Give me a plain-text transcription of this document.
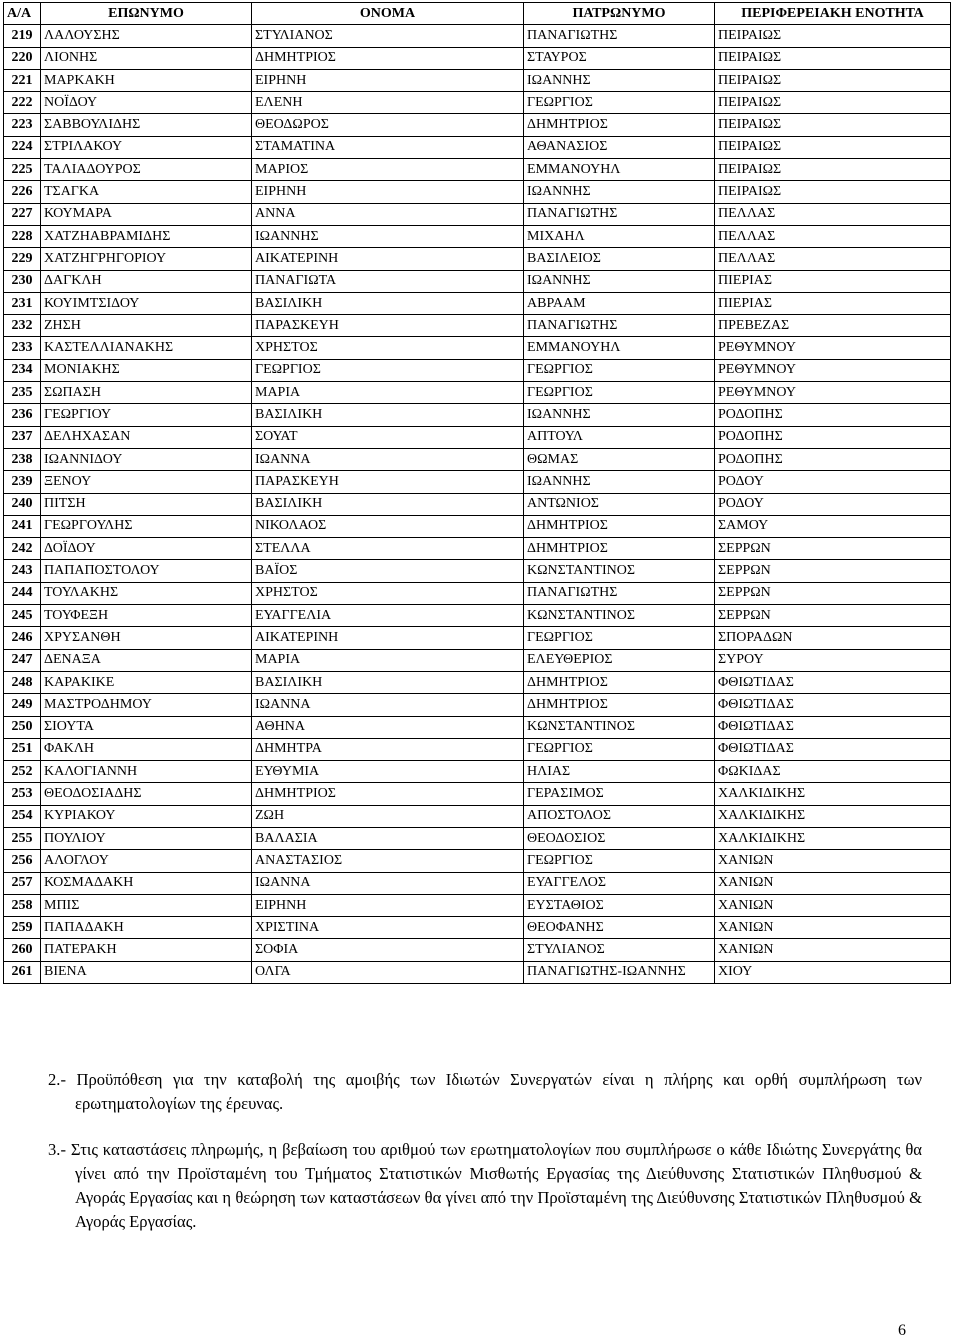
Α/Α	ΕΠΩΝΥΜΟ	ΟΝΟΜΑ	ΠΑΤΡΩΝΥΜΟ	ΠΕΡΙΦΕΡΕΙΑΚΗ ΕΝΟΤΗΤΑ
219	ΛΑΛΟΥΣΗΣ	ΣΤΥΛΙΑΝΟΣ	ΠΑΝΑΓΙΩΤΗΣ	ΠΕΙΡΑΙΩΣ
220	ΛΙΟΝΗΣ	ΔΗΜΗΤΡΙΟΣ	ΣΤΑΥΡΟΣ	ΠΕΙΡΑΙΩΣ
221	ΜΑΡΚΑΚΗ	ΕΙΡΗΝΗ	ΙΩΑΝΝΗΣ	ΠΕΙΡΑΙΩΣ
222	ΝΟΪΔΟΥ	ΕΛΕΝΗ	ΓΕΩΡΓΙΟΣ	ΠΕΙΡΑΙΩΣ
223	ΣΑΒΒΟΥΛΙΔΗΣ	ΘΕΟΔΩΡΟΣ	ΔΗΜΗΤΡΙΟΣ	ΠΕΙΡΑΙΩΣ
224	ΣΤΡΙΛΑΚΟΥ	ΣΤΑΜΑΤΙΝΑ	ΑΘΑΝΑΣΙΟΣ	ΠΕΙΡΑΙΩΣ
225	ΤΑΛΙΑΔΟΥΡΟΣ	ΜΑΡΙΟΣ	ΕΜΜΑΝΟΥΗΛ	ΠΕΙΡΑΙΩΣ
226	ΤΣΑΓΚΑ	ΕΙΡΗΝΗ	ΙΩΑΝΝΗΣ	ΠΕΙΡΑΙΩΣ
227	ΚΟΥΜΑΡΑ	ΑΝΝΑ	ΠΑΝΑΓΙΩΤΗΣ	ΠΕΛΛΑΣ
228	ΧΑΤΖΗΑΒΡΑΜΙΔΗΣ	ΙΩΑΝΝΗΣ	ΜΙΧΑΗΛ	ΠΕΛΛΑΣ
229	ΧΑΤΖΗΓΡΗΓΟΡΙΟΥ	ΑΙΚΑΤΕΡΙΝΗ	ΒΑΣΙΛΕΙΟΣ	ΠΕΛΛΑΣ
230	ΔΑΓΚΛΗ	ΠΑΝΑΓΙΩΤΑ	ΙΩΑΝΝΗΣ	ΠΙΕΡΙΑΣ
231	ΚΟΥΙΜΤΣΙΔΟΥ	ΒΑΣΙΛΙΚΗ	ΑΒΡΑΑΜ	ΠΙΕΡΙΑΣ
232	ΖΗΣΗ	ΠΑΡΑΣΚΕΥΗ	ΠΑΝΑΓΙΩΤΗΣ	ΠΡΕΒΕΖΑΣ
233	ΚΑΣΤΕΛΛΙΑΝΑΚΗΣ	ΧΡΗΣΤΟΣ	ΕΜΜΑΝΟΥΗΛ	ΡΕΘΥΜΝΟΥ
234	ΜΟΝΙΑΚΗΣ	ΓΕΩΡΓΙΟΣ	ΓΕΩΡΓΙΟΣ	ΡΕΘΥΜΝΟΥ
235	ΣΩΠΑΣΗ	ΜΑΡΙΑ	ΓΕΩΡΓΙΟΣ	ΡΕΘΥΜΝΟΥ
236	ΓΕΩΡΓΙΟΥ	ΒΑΣΙΛΙΚΗ	ΙΩΑΝΝΗΣ	ΡΟΔΟΠΗΣ
237	ΔΕΛΗΧΑΣΑΝ	ΣΟΥΑΤ	ΑΠΤΟΥΛ	ΡΟΔΟΠΗΣ
238	ΙΩΑΝΝΙΔΟΥ	ΙΩΑΝΝΑ	ΘΩΜΑΣ	ΡΟΔΟΠΗΣ
239	ΞΕΝΟΥ	ΠΑΡΑΣΚΕΥΗ	ΙΩΑΝΝΗΣ	ΡΟΔΟΥ
240	ΠΙΤΣΗ	ΒΑΣΙΛΙΚΗ	ΑΝΤΩΝΙΟΣ	ΡΟΔΟΥ
241	ΓΕΩΡΓΟΥΛΗΣ	ΝΙΚΟΛΑΟΣ	ΔΗΜΗΤΡΙΟΣ	ΣΑΜΟΥ
242	ΔΟΪΔΟΥ	ΣΤΕΛΛΑ	ΔΗΜΗΤΡΙΟΣ	ΣΕΡΡΩΝ
243	ΠΑΠΑΠΟΣΤΟΛΟΥ	ΒΑΪΟΣ	ΚΩΝΣΤΑΝΤΙΝΟΣ	ΣΕΡΡΩΝ
244	ΤΟΥΛΑΚΗΣ	ΧΡΗΣΤΟΣ	ΠΑΝΑΓΙΩΤΗΣ	ΣΕΡΡΩΝ
245	ΤΟΥΦΕΞΗ	ΕΥΑΓΓΕΛΙΑ	ΚΩΝΣΤΑΝΤΙΝΟΣ	ΣΕΡΡΩΝ
246	ΧΡΥΣΑΝΘΗ	ΑΙΚΑΤΕΡΙΝΗ	ΓΕΩΡΓΙΟΣ	ΣΠΟΡΑΔΩΝ
247	ΔΕΝΑΞΑ	ΜΑΡΙΑ	ΕΛΕΥΘΕΡΙΟΣ	ΣΥΡΟΥ
248	ΚΑΡΑΚΙΚΕ	ΒΑΣΙΛΙΚΗ	ΔΗΜΗΤΡΙΟΣ	ΦΘΙΩΤΙΔΑΣ
249	ΜΑΣΤΡΟΔΗΜΟΥ	ΙΩΑΝΝΑ	ΔΗΜΗΤΡΙΟΣ	ΦΘΙΩΤΙΔΑΣ
250	ΣΙΟΥΤΑ	ΑΘΗΝΑ	ΚΩΝΣΤΑΝΤΙΝΟΣ	ΦΘΙΩΤΙΔΑΣ
251	ΦΑΚΛΗ	ΔΗΜΗΤΡΑ	ΓΕΩΡΓΙΟΣ	ΦΘΙΩΤΙΔΑΣ
252	ΚΑΛΟΓΙΑΝΝΗ	ΕΥΘΥΜΙΑ	ΗΛΙΑΣ	ΦΩΚΙΔΑΣ
253	ΘΕΟΔΟΣΙΑΔΗΣ	ΔΗΜΗΤΡΙΟΣ	ΓΕΡΑΣΙΜΟΣ	ΧΑΛΚΙΔΙΚΗΣ
254	ΚΥΡΙΑΚΟΥ	ΖΩΗ	ΑΠΟΣΤΟΛΟΣ	ΧΑΛΚΙΔΙΚΗΣ
255	ΠΟΥΛΙΟΥ	ΒΑΛΑΣΙΑ	ΘΕΟΔΟΣΙΟΣ	ΧΑΛΚΙΔΙΚΗΣ
256	ΑΛΟΓΛΟΥ	ΑΝΑΣΤΑΣΙΟΣ	ΓΕΩΡΓΙΟΣ	ΧΑΝΙΩΝ
257	ΚΟΣΜΑΔΑΚΗ	ΙΩΑΝΝΑ	ΕΥΑΓΓΕΛΟΣ	ΧΑΝΙΩΝ
258	ΜΠΙΣ	ΕΙΡΗΝΗ	ΕΥΣΤΑΘΙΟΣ	ΧΑΝΙΩΝ
259	ΠΑΠΑΔΑΚΗ	ΧΡΙΣΤΙΝΑ	ΘΕΟΦΑΝΗΣ	ΧΑΝΙΩΝ
260	ΠΑΤΕΡΑΚΗ	ΣΟΦΙΑ	ΣΤΥΛΙΑΝΟΣ	ΧΑΝΙΩΝ
261	ΒΙΕΝΑ	ΟΛΓΑ	ΠΑΝΑΓΙΩΤΗΣ-ΙΩΑΝΝΗΣ	ΧΙΟΥ

2.- Προϋπόθεση για την καταβολή της αμοιβής των Ιδιωτών Συνεργατών είναι η πλήρης και ορθή συμπλήρωση των ερωτηματολογίων της έρευνας.

3.- Στις καταστάσεις πληρωμής, η βεβαίωση του αριθμού των ερωτηματολογίων που συμπλήρωσε ο κάθε Ιδιώτης Συνεργάτης θα γίνει από την Προϊσταμένη του Τμήματος Στατιστικών Μισθωτής Εργασίας της Διεύθυνσης Στατιστικών Πληθυσμού & Αγοράς Εργασίας και η θεώρηση των καταστάσεων θα γίνει από την Προϊσταμένη της Διεύθυνσης Στατιστικών Πληθυσμού & Αγοράς Εργασίας.

6
